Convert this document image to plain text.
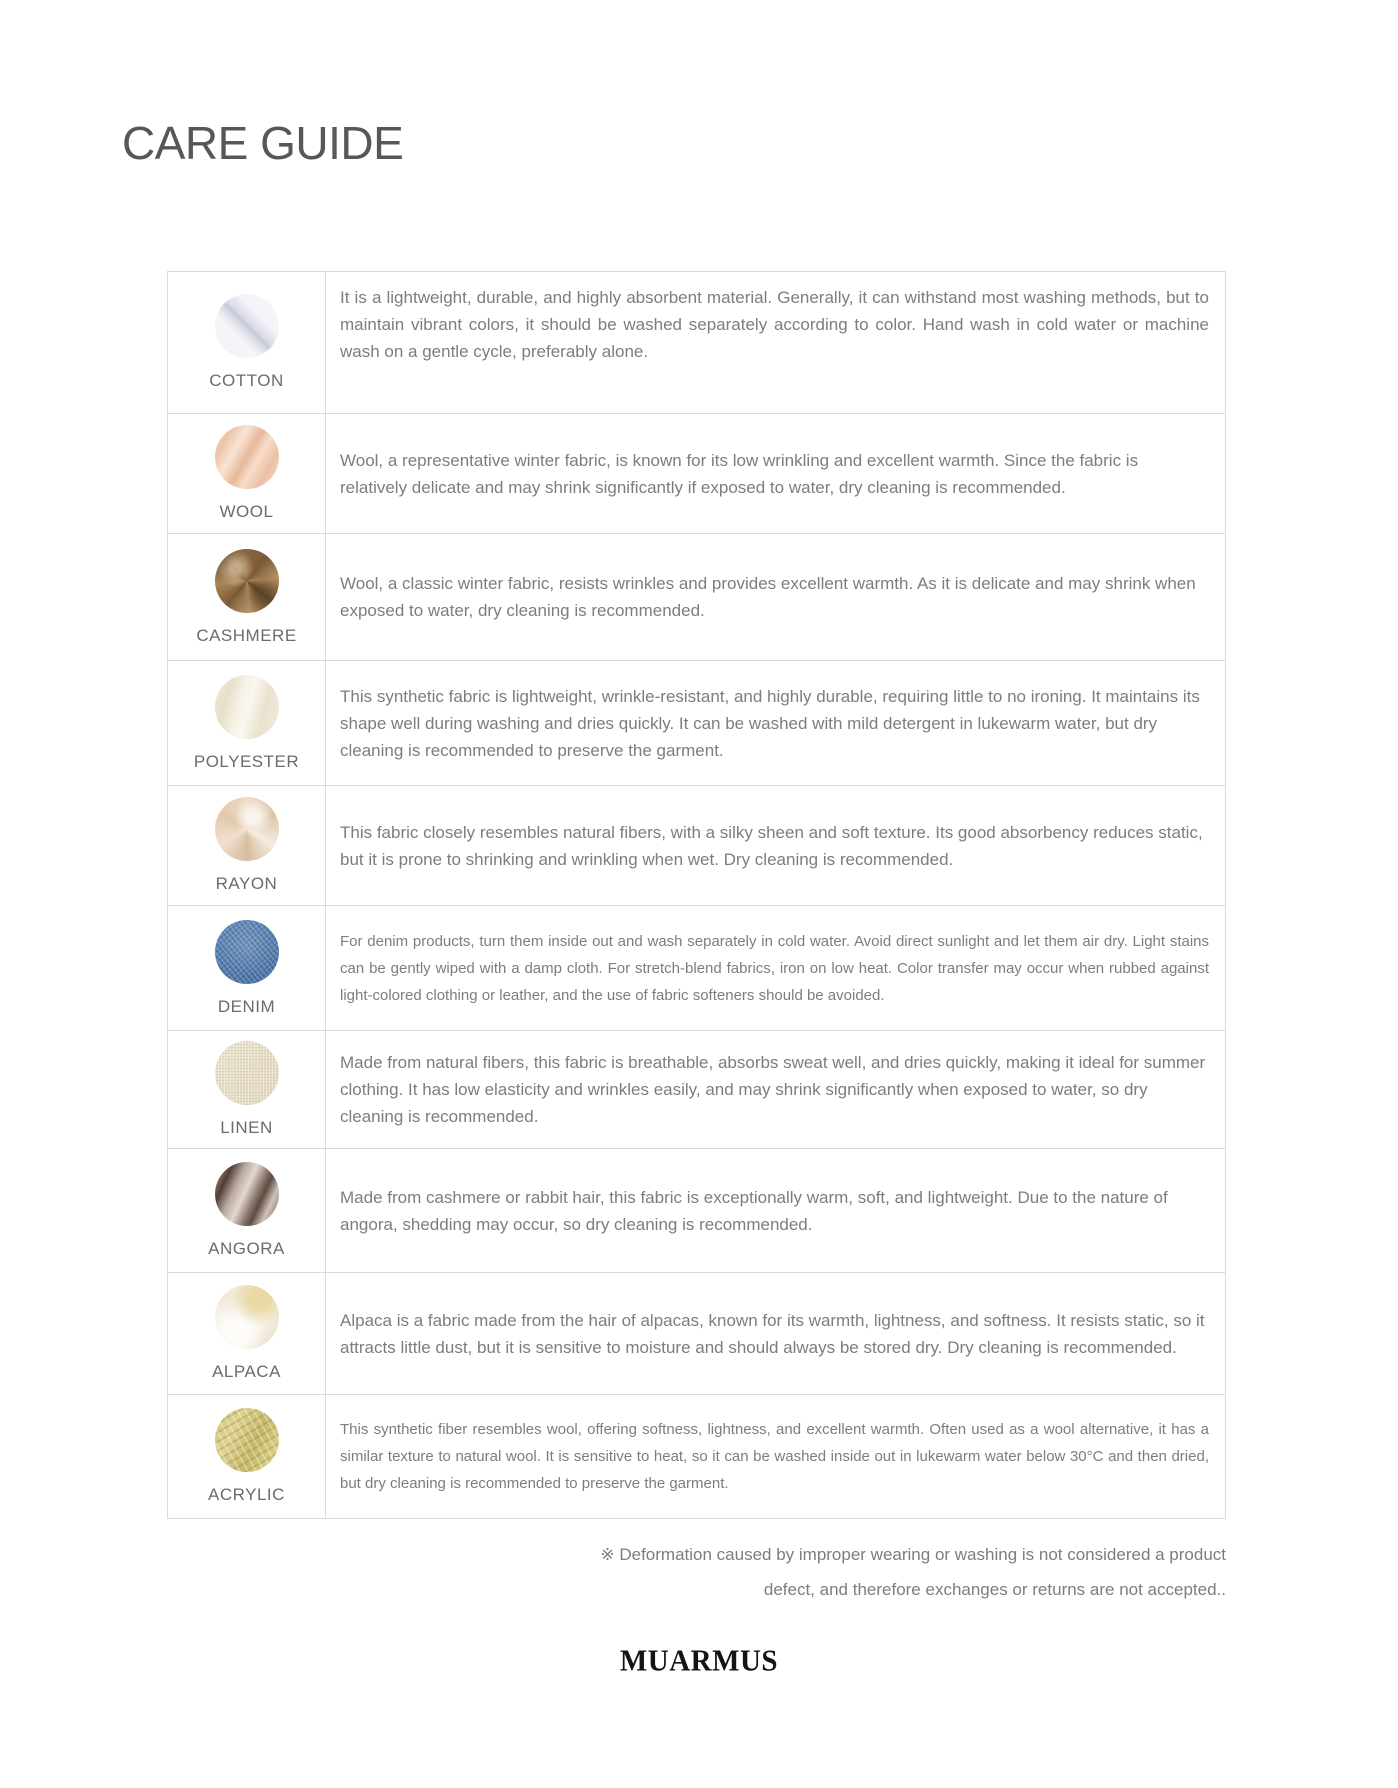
CARE GUIDE
COTTON

It is a lightweight, durable, and highly absorbent material. Generally, it can withstand most washing methods, but to maintain vibrant colors, it should be washed separately according to color. Hand wash in cold water or machine wash on a gentle cycle, preferably alone.

WOOL

Wool, a representative winter fabric, is known for its low wrinkling and excellent warmth. Since the fabric is relatively delicate and may shrink significantly if exposed to water, dry cleaning is recommended.

CASHMERE

Wool, a classic winter fabric, resists wrinkles and provides excellent warmth. As it is delicate and may shrink when exposed to water, dry cleaning is recommended.

POLYESTER

This synthetic fabric is lightweight, wrinkle-resistant, and highly durable, requiring little to no ironing. It maintains its shape well during washing and dries quickly. It can be washed with mild detergent in lukewarm water, but dry cleaning is recommended to preserve the garment.

RAYON

This fabric closely resembles natural fibers, with a silky sheen and soft texture. Its good absorbency reduces static, but it is prone to shrinking and wrinkling when wet. Dry cleaning is recommended.

DENIM

For denim products, turn them inside out and wash separately in cold water. Avoid direct sunlight and let them air dry. Light stains can be gently wiped with a damp cloth. For stretch-blend fabrics, iron on low heat. Color transfer may occur when rubbed against light-colored clothing or leather, and the use of fabric softeners should be avoided.

LINEN

Made from natural fibers, this fabric is breathable, absorbs sweat well, and dries quickly, making it ideal for summer clothing. It has low elasticity and wrinkles easily, and may shrink significantly when exposed to water, so dry cleaning is recommended.

ANGORA

Made from cashmere or rabbit hair, this fabric is exceptionally warm, soft, and lightweight. Due to the nature of angora, shedding may occur, so dry cleaning is recommended.

ALPACA

Alpaca is a fabric made from the hair of alpacas, known for its warmth, lightness, and softness. It resists static, so it attracts little dust, but it is sensitive to moisture and should always be stored dry. Dry cleaning is recommended.

ACRYLIC

This synthetic fiber resembles wool, offering softness, lightness, and excellent warmth. Often used as a wool alternative, it has a similar texture to natural wool. It is sensitive to heat, so it can be washed inside out in lukewarm water below 30°C and then dried, but dry cleaning is recommended to preserve the garment.

※ Deformation caused by improper wearing or washing is not considered a product
defect, and therefore exchanges or returns are not accepted..
MUARMUS
